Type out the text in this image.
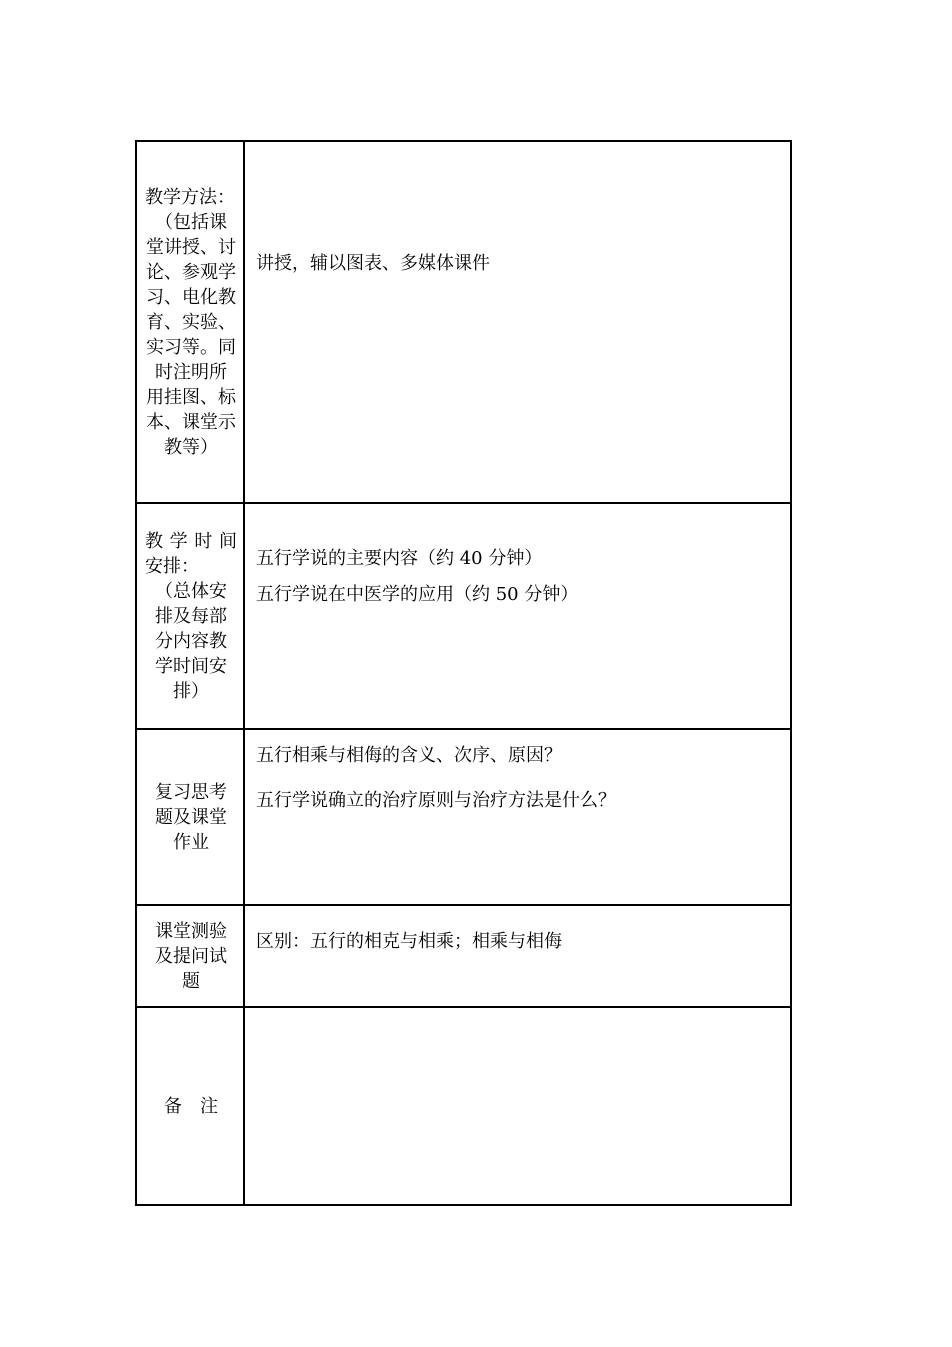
教学方法：
（包括课
堂讲授、讨
论、参观学
习、电化教
育、实验、
实习等。同
时注明所
用挂图、标
本、课堂示
教等）
讲授，辅以图表、多媒体课件
教学时间
安排：
（总体安
排及每部
分内容教
学时间安
排）
五行学说的主要内容（约 40 分钟）
五行学说在中医学的应用（约 50 分钟）
复习思考
题及课堂
作业
五行相乘与相侮的含义、次序、原因？
五行学说确立的治疗原则与治疗方法是什么？
课堂测验
及提问试
题
区别：五行的相克与相乘；相乘与相侮
备　注
